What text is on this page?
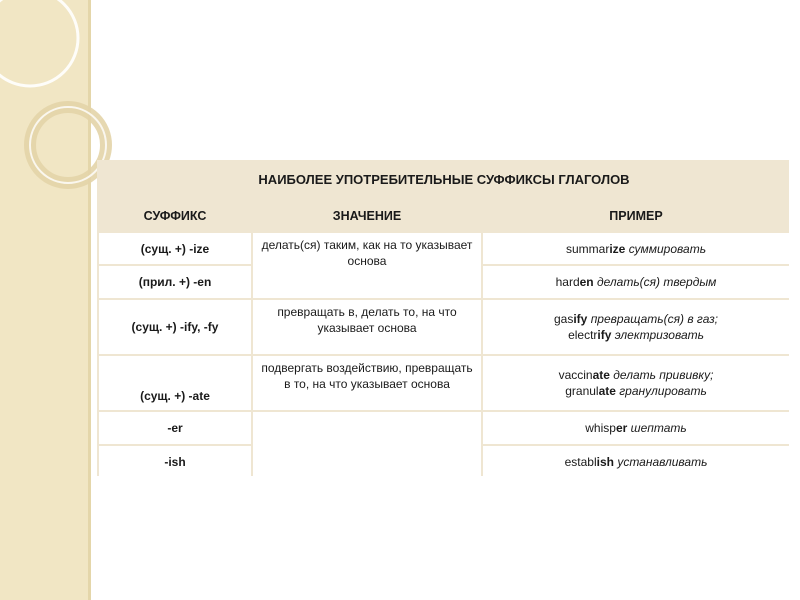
НАИБОЛЕЕ УПОТРЕБИТЕЛЬНЫЕ СУФФИКСЫ ГЛАГОЛОВ		
СУФФИКС	ЗНАЧЕНИЕ	ПРИМЕР
(сущ. +) -ize	делать(ся) таким, как на то указывает основа	summarize суммировать

(прил. +) -en		harden делать(ся) твердым

(сущ. +) -ify, -fy	превращать в, делать то, на что указывает основа	gasify превращать(ся) в газ;
electrify электризовать

(сущ. +) -ate	подвергать воздействию, превращать в то, на что указывает основа	vaccinate делать прививку;
granulate гранулировать

-er		whisper шептать

-ish		establish устанавливать
